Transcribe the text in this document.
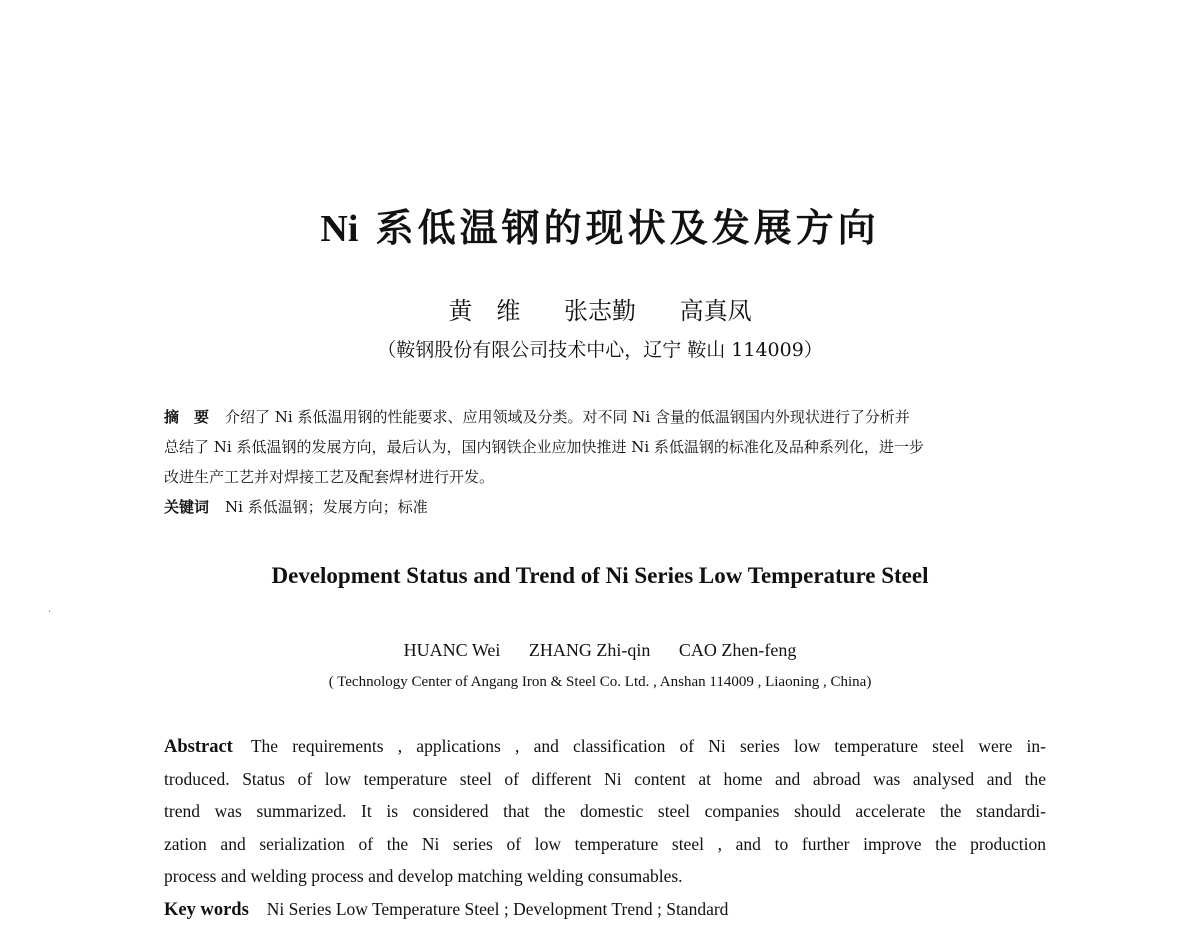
Ni 系低温钢的现状及发展方向
黄　维 张志勤 高真凤
（鞍钢股份有限公司技术中心，辽宁 鞍山 114009）
摘　要 介绍了 Ni 系低温用钢的性能要求、应用领域及分类。对不同 Ni 含量的低温钢国内外现状进行了分析并
总结了 Ni 系低温钢的发展方向，最后认为，国内钢铁企业应加快推进 Ni 系低温钢的标准化及品种系列化，进一步
改进生产工艺并对焊接工艺及配套焊材进行开发。
关键词 Ni 系低温钢；发展方向；标准
Development Status and Trend of Ni Series Low Temperature Steel
HUANC Wei ZHANG Zhi-qin CAO Zhen-feng
( Technology Center of Angang Iron & Steel Co. Ltd. , Anshan 114009 , Liaoning , China)
Abstract The requirements , applications , and classification of Ni series low temperature steel were in-
troduced. Status of low temperature steel of different Ni content at home and abroad was analysed and the
trend was summarized. It is considered that the domestic steel companies should accelerate the standardi-
zation and serialization of the Ni series of low temperature steel , and to further improve the production
process and welding process and develop matching welding consumables.
Key words Ni Series Low Temperature Steel ; Development Trend ; Standard
